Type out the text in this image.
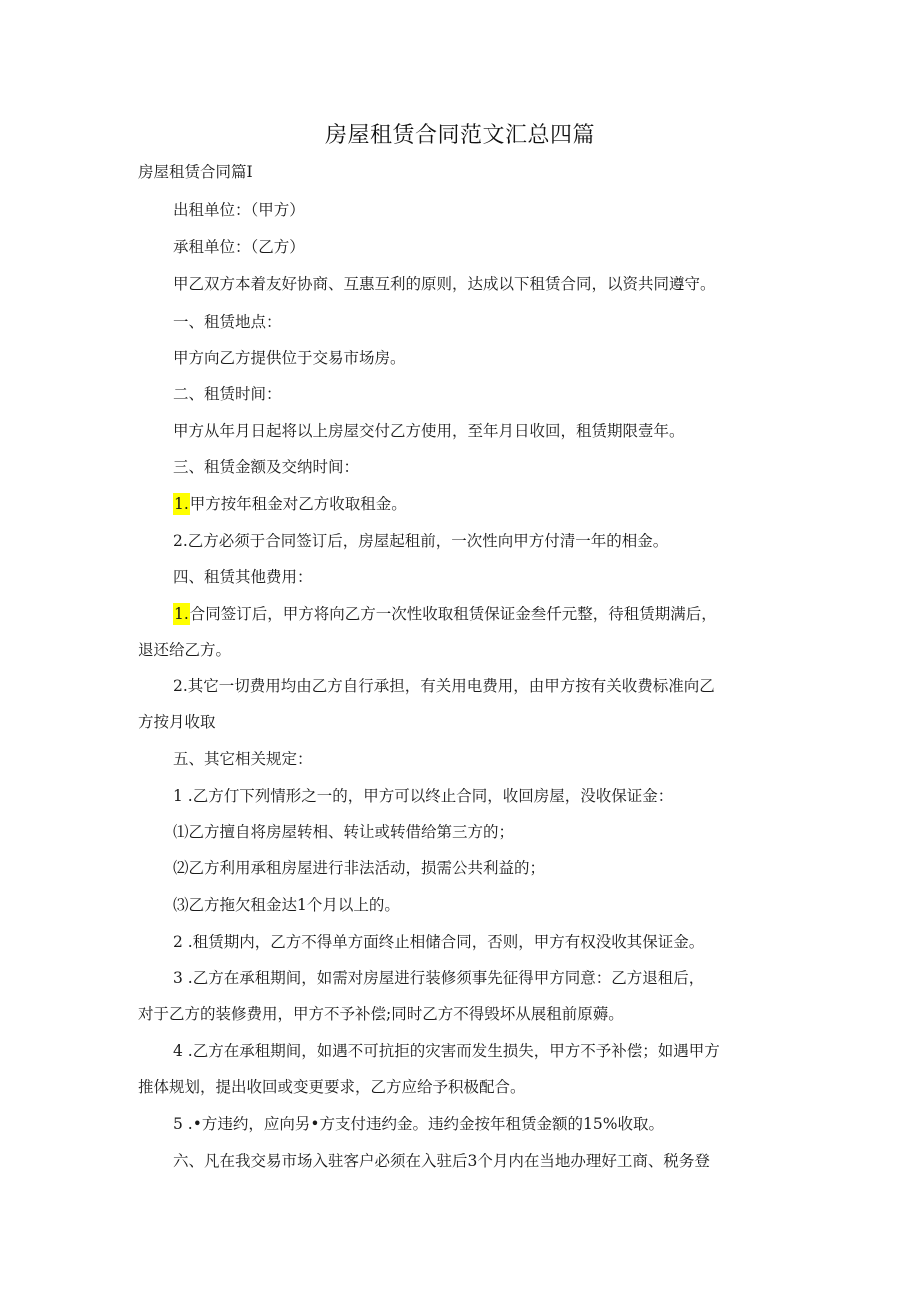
房屋租赁合同范文汇总四篇
房屋租赁合同篇I
出租单位：（甲方）
承租单位：（乙方）
甲乙双方本着友好协商、互惠互利的原则，达成以下租赁合同，以资共同遵守。
一、租赁地点：
甲方向乙方提供位于交易市场房。
二、租赁时间：
甲方从年月日起将以上房屋交付乙方使用，至年月日收回，租赁期限壹年。
三、租赁金额及交纳时间：
1.甲方按年租金对乙方收取租金。
2.乙方必须于合同签订后，房屋起租前，一次性向甲方付清一年的相金。
四、租赁其他费用：
1.合同签订后，甲方将向乙方一次性收取租赁保证金叁仟元整，待租赁期满后，
退还给乙方。
2.其它一切费用均由乙方自行承担，有关用电费用，由甲方按有关收费标准向乙
方按月收取
五、其它相关规定：
1 .乙方仃下列情形之一的，甲方可以终止合同，收回房屋，没收保证金：
⑴乙方擅自将房屋转相、转让或转借给第三方的；
⑵乙方利用承租房屋进行非法活动，损需公共利益的；
⑶乙方拖欠租金达1个月以上的。
2 .租赁期内，乙方不得单方面终止相储合同，否则，甲方有权没收其保证金。
3 .乙方在承租期间，如需对房屋进行装修须事先征得甲方同意：乙方退租后，
对于乙方的装修费用，甲方不予补偿;同时乙方不得毁坏从展租前原薅。
4 .乙方在承租期间，如遇不可抗拒的灾害而发生损失，甲方不予补偿；如遇甲方
推体规划，提出收回或变更要求，乙方应给予积极配合。
5 .•方违约，应向另•方支付违约金。违约金按年租赁金额的15%收取。
六、凡在我交易市场入驻客户必须在入驻后3个月内在当地办理好工商、税务登
